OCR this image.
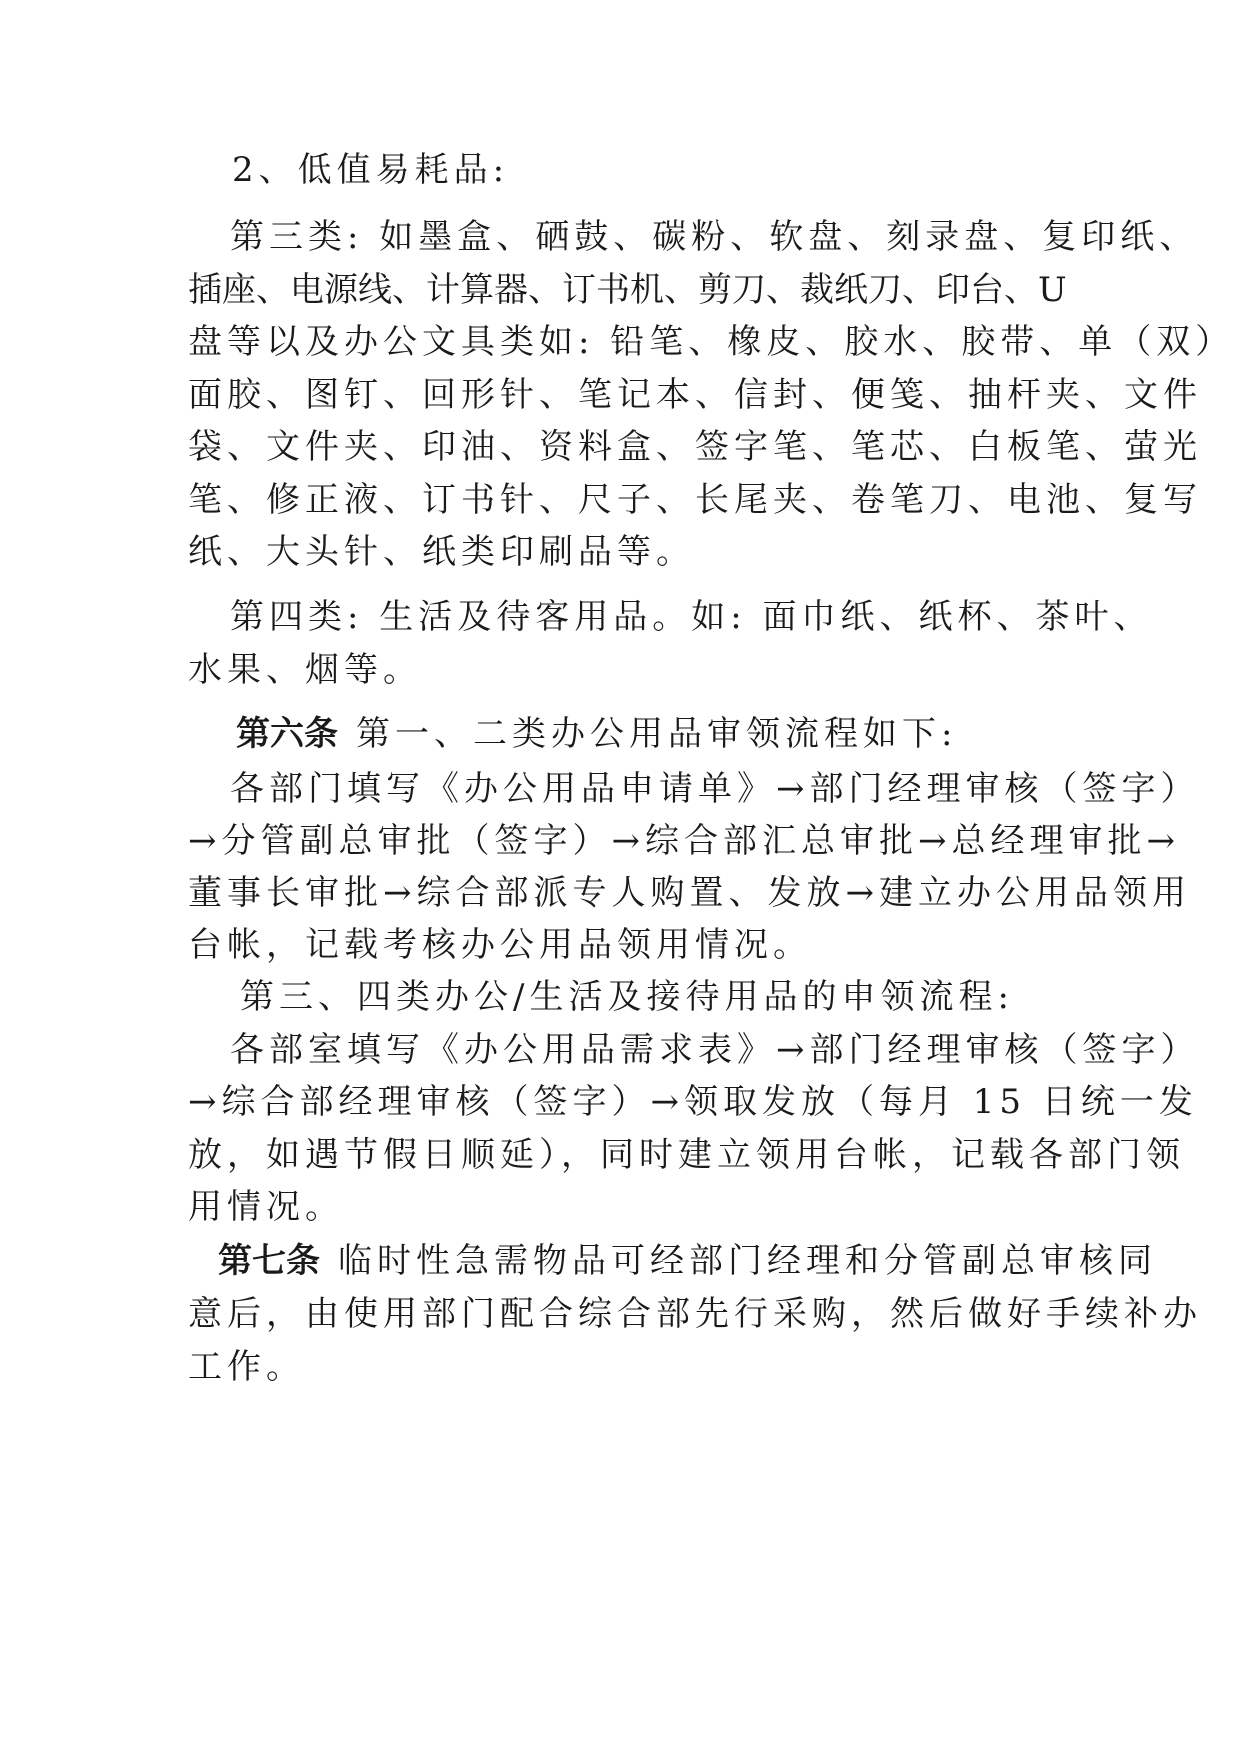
2、低值易耗品:
第三类: 如墨盒、硒鼓、碳粉、软盘、刻录盘、复印纸、
插 座 、 电 源 线 、 计 算 器 、 订 书 机 、 剪 刀 、 裁 纸 刀 、 印 台 、 U
盘等以及办公文具类如: 铅笔、橡皮、胶水、胶带、单（双）
面胶、图钉、回形针、笔记本、信封、便笺、抽杆夹、文件
袋、文件夹、印油、资料盒、签字笔、笔芯、白板笔、萤光
笔、修正液、订书针、尺子、长尾夹、卷笔刀、电池、复写
纸、大头针、纸类印刷品等。
第四类: 生活及待客用品。如: 面巾纸、纸杯、茶叶、
水果、烟等。
第六条 第一、二类办公用品审领流程如下:
各部门填写《办公用品申请单》→部门经理审核（签字）
→分管副总审批（签字）→综合部汇总审批→总经理审批→
董事长审批→综合部派专人购置、发放→建立办公用品领用
台帐，记载考核办公用品领用情况。
第三、四类办公/生活及接待用品的申领流程:
各部室填写《办公用品需求表》→部门经理审核（签字）
→综合部经理审核（签字）→领取发放（每月 15 日统一发
放，如遇节假日顺延），同时建立领用台帐，记载各部门领
用情况。
第七条 临时性急需物品可经部门经理和分管副总审核同
意后，由使用部门配合综合部先行采购，然后做好手续补办
工作。
